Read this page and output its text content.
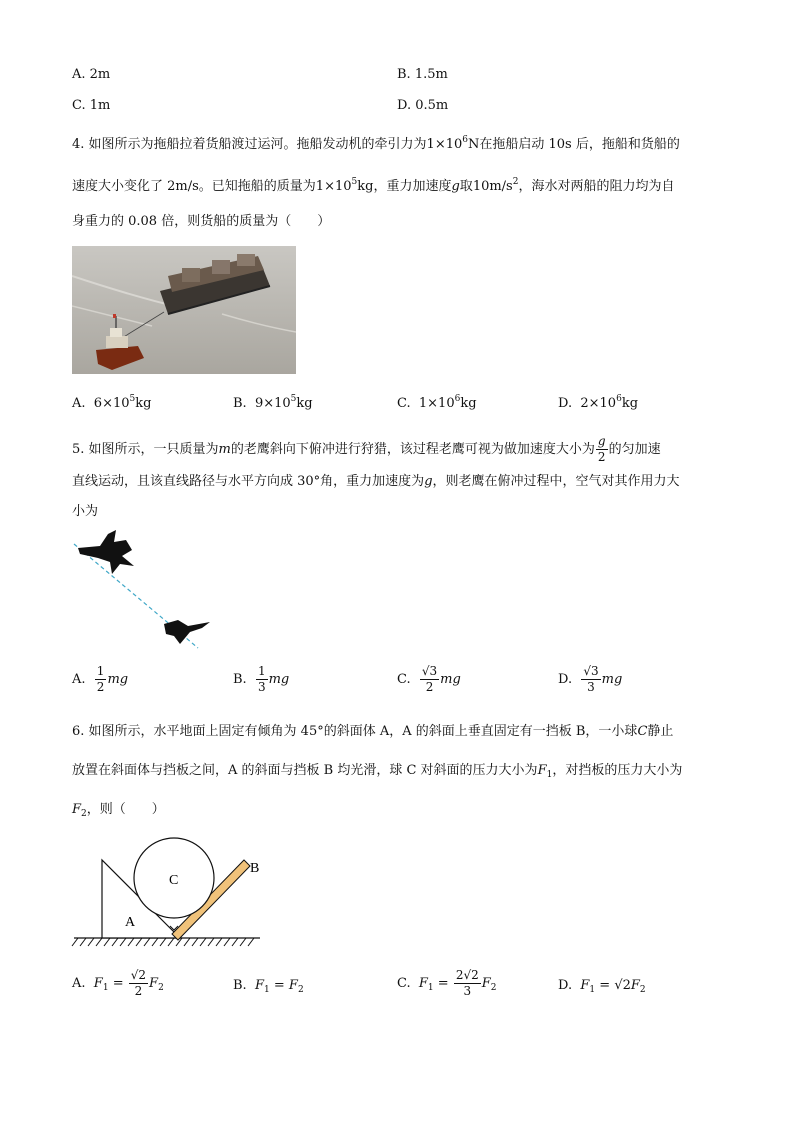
A. 2m	B. 1.5m
C. 1m	D. 0.5m
4. 如图所示为拖船拉着货船渡过运河。拖船发动机的牵引力为$1\times 10^6N$在拖船启动 10s 后，拖船和货船的
速度大小变化了 2m/s。已知拖船的质量为$1\times 10^5kg$，重力加速度g取$10m/s^2$，海水对两船的阻力均为自
身重力的 0.08 倍，则货船的质量为（　　）
A. $6\times 10^5kg$	B. $9\times 10^5kg$	C. $1\times 10^6kg$	D. $2\times 10^6kg$
5. 如图所示，一只质量为m的老鹰斜向下俯冲进行狩猎，该过程老鹰可视为做加速度大小为 $\frac{g}{2}$ 的匀加速
直线运动，且该直线路径与水平方向成 30°角，重力加速度为g，则老鹰在俯冲过程中，空气对其作用力大
小为
A. $\frac{1}{2}$ mg	B. $\frac{1}{3}$ mg	C. $\frac{√3}{2}$ mg	D. $\frac{√3}{3}$ mg
6. 如图所示，水平地面上固定有倾角为 45°的斜面体 A，A 的斜面上垂直固定有一挡板 B，一小球C静止
放置在斜面体与挡板之间，A 的斜面与挡板 B 均光滑，球 C 对斜面的压力大小为$F_1$，对挡板的压力大小为
$F_2$，则（　　）
C
A
B
A. $F_1 = \frac{√2}{2} F_2$	B. $F_1 = F_2$	C. $F_1 = \frac{2√2}{3} F_2$	D. $F_1 = √2F_2$
